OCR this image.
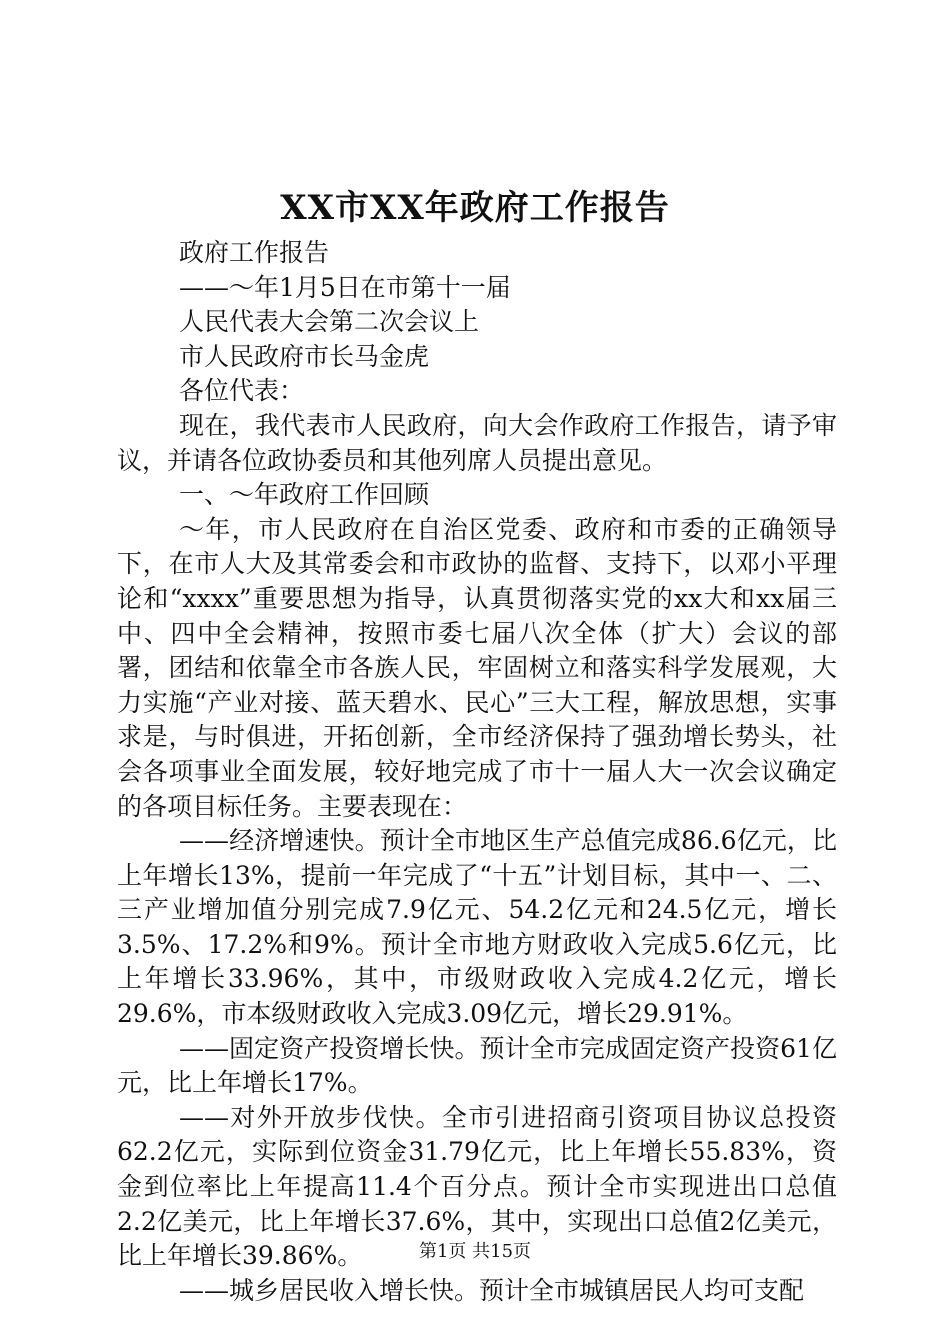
XX市XX年政府工作报告

政府工作报告

——～年1月5日在市第十一届

人民代表大会第二次会议上

市人民政府市长马金虎

各位代表：

现在，我代表市人民政府，向大会作政府工作报告，请予审议，并请各位政协委员和其他列席人员提出意见。

一、～年政府工作回顾

～年，市人民政府在自治区党委、政府和市委的正确领导下，在市人大及其常委会和市政协的监督、支持下，以邓小平理论和“xxxx”重要思想为指导，认真贯彻落实党的xx大和xx届三中、四中全会精神，按照市委七届八次全体（扩大）会议的部署，团结和依靠全市各族人民，牢固树立和落实科学发展观，大力实施“产业对接、蓝天碧水、民心”三大工程，解放思想，实事求是，与时俱进，开拓创新，全市经济保持了强劲增长势头，社会各项事业全面发展，较好地完成了市十一届人大一次会议确定的各项目标任务。主要表现在：

——经济增速快。预计全市地区生产总值完成86.6亿元，比上年增长13%，提前一年完成了“十五”计划目标，其中一、二、三产业增加值分别完成7.9亿元、54.2亿元和24.5亿元，增长3.5%、17.2%和9%。预计全市地方财政收入完成5.6亿元，比上年增长33.96%，其中，市级财政收入完成4.2亿元，增长29.6%，市本级财政收入完成3.09亿元，增长29.91%。

——固定资产投资增长快。预计全市完成固定资产投资61亿元，比上年增长17%。

——对外开放步伐快。全市引进招商引资项目协议总投资62.2亿元，实际到位资金31.79亿元，比上年增长55.83%，资金到位率比上年提高11.4个百分点。预计全市实现进出口总值2.2亿美元，比上年增长37.6%，其中，实现出口总值2亿美元，比上年增长39.86%。

——城乡居民收入增长快。预计全市城镇居民人均可支配

第1页 共15页
